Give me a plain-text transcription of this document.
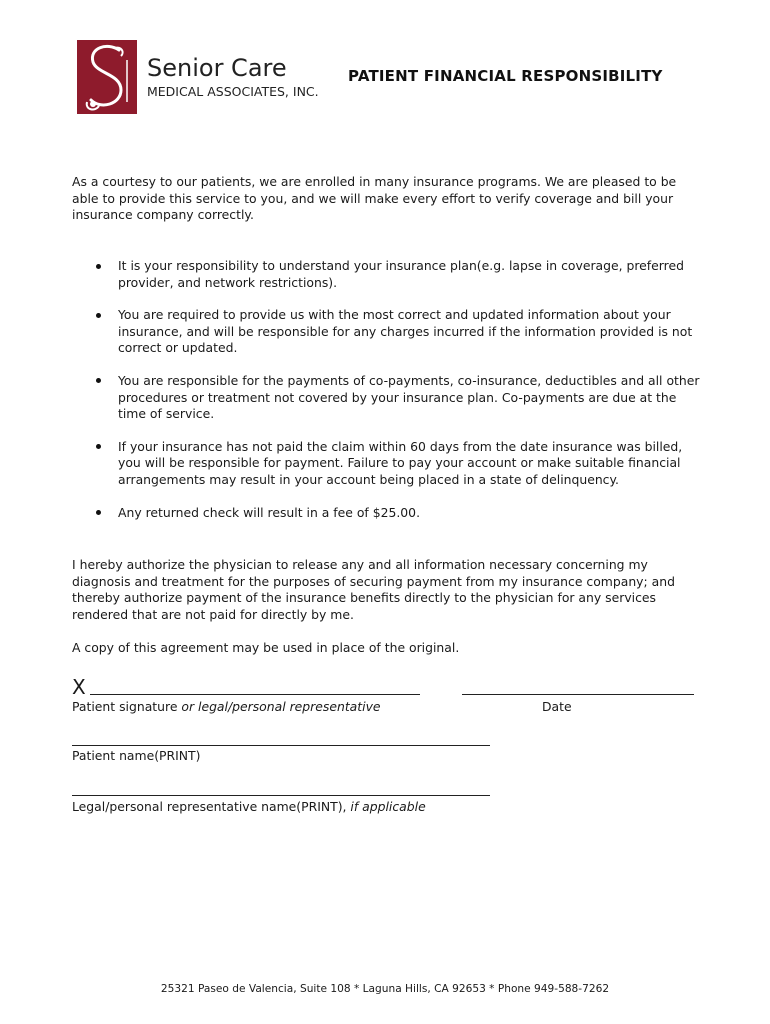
Senior Care
MEDICAL ASSOCIATES, INC.
PATIENT FINANCIAL RESPONSIBILITY

As a courtesy to our patients, we are enrolled in many insurance programs. We are pleased to be able to provide this service to you, and we will make every effort to verify coverage and bill your insurance company correctly.

It is your responsibility to understand your insurance plan(e.g. lapse in coverage, preferred provider, and network restrictions).
You are required to provide us with the most correct and updated information about your insurance, and will be responsible for any charges incurred if the information provided is not correct or updated.
You are responsible for the payments of co-payments, co-insurance, deductibles and all other procedures or treatment not covered by your insurance plan. Co-payments are due at the time of service.
If your insurance has not paid the claim within 60 days from the date insurance was billed, you will be responsible for payment. Failure to pay your account or make suitable financial arrangements may result in your account being placed in a state of delinquency.
Any returned check will result in a fee of $25.00.

I hereby authorize the physician to release any and all information necessary concerning my diagnosis and treatment for the purposes of securing payment from my insurance company; and thereby authorize payment of the insurance benefits directly to the physician for any services rendered that are not paid for directly by me.

A copy of this agreement may be used in place of the original.

X
Patient signature or legal/personal representative	Date
Patient name(PRINT)
Legal/personal representative name(PRINT), if applicable
25321 Paseo de Valencia, Suite 108 * Laguna Hills, CA 92653 * Phone 949-588-7262
